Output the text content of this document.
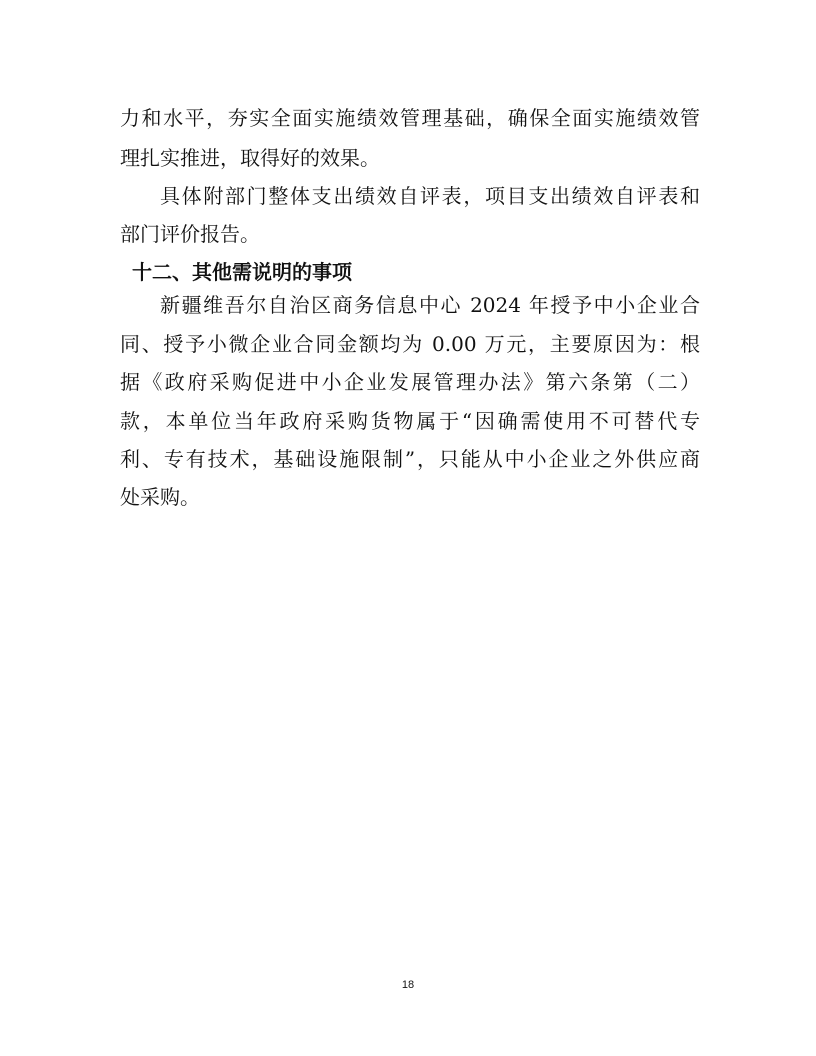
力和水平，夯实全面实施绩效管理基础，确保全面实施绩效管
理扎实推进，取得好的效果。
具体附部门整体支出绩效自评表，项目支出绩效自评表和
部门评价报告。
十二、其他需说明的事项
新疆维吾尔自治区商务信息中心 2024 年授予中小企业合
同、授予小微企业合同金额均为 0.00 万元，主要原因为：根
据《政府采购促进中小企业发展管理办法》第六条第（二）
款，本单位当年政府采购货物属于“因确需使用不可替代专
利、专有技术，基础设施限制”，只能从中小企业之外供应商
处采购。
18
